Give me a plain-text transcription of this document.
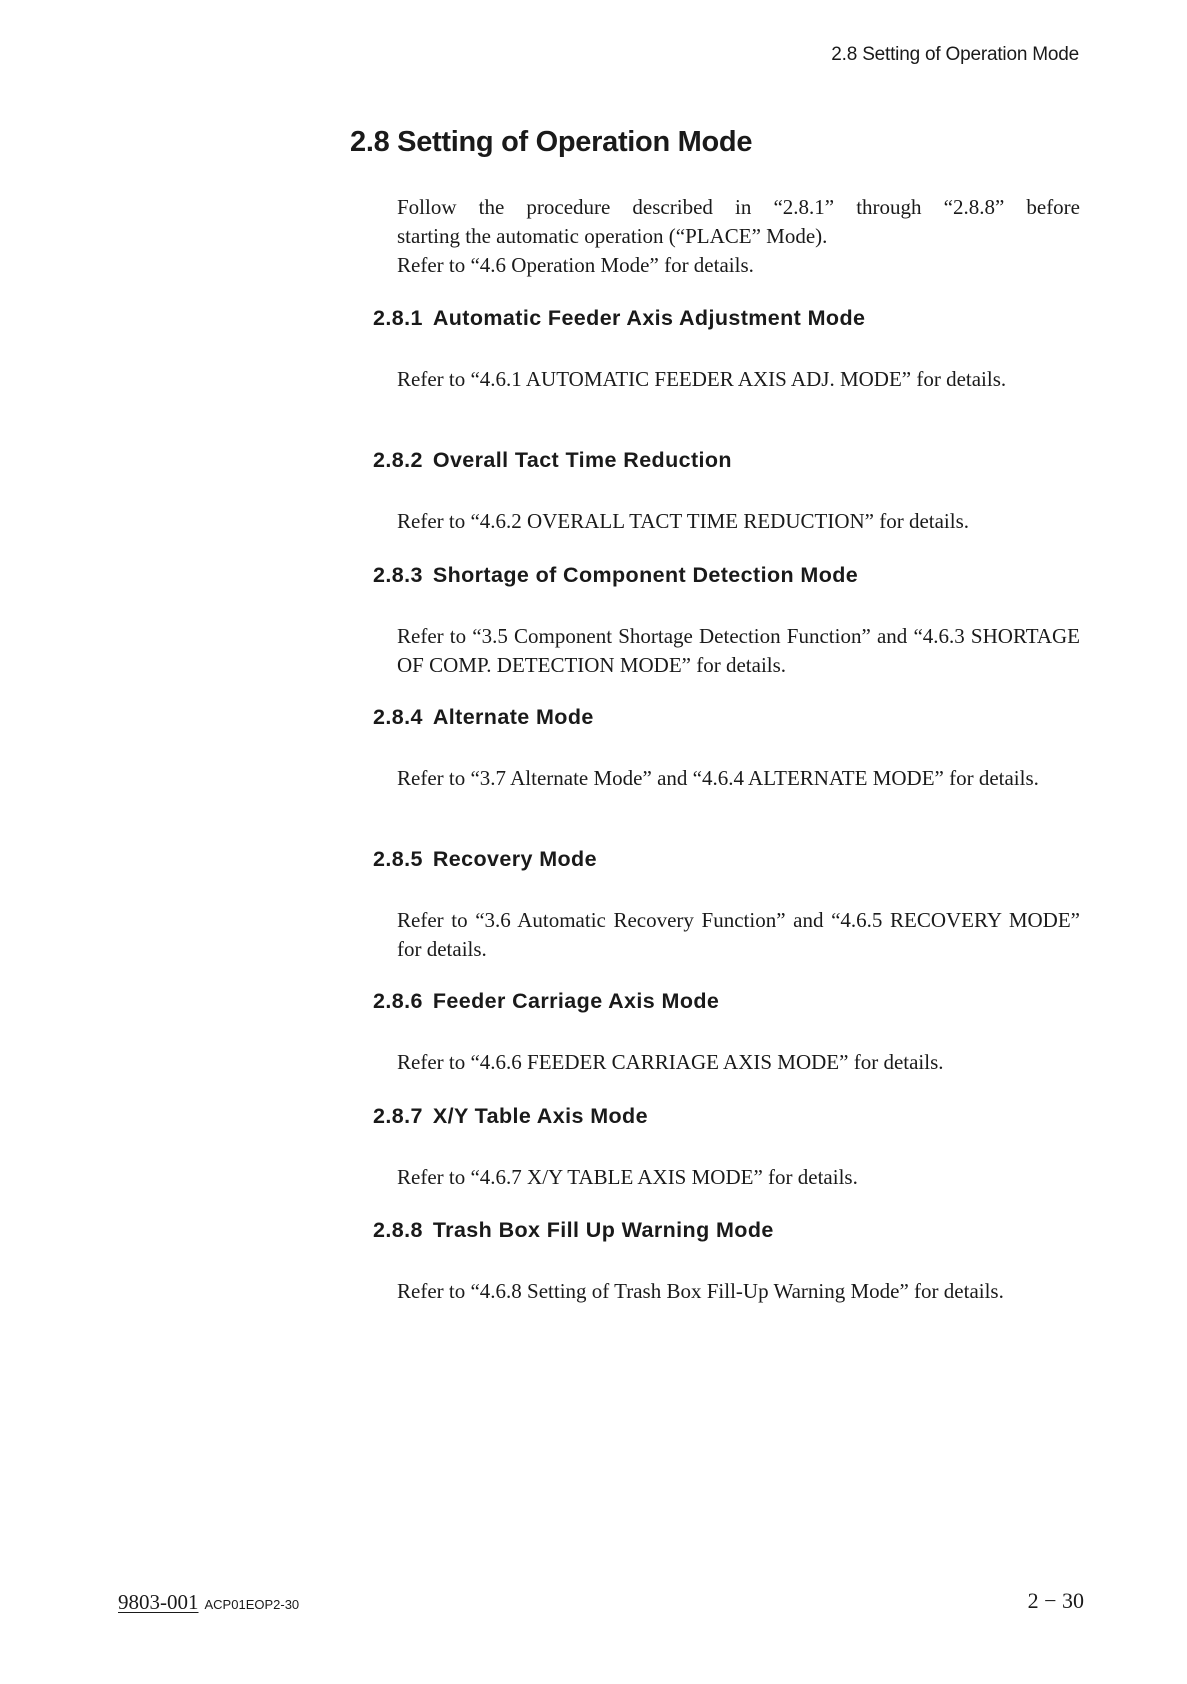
2.8 Setting of Operation Mode
2.8 Setting of Operation Mode

Follow the procedure described in “2.8.1” through “2.8.8” before

starting the automatic operation (“PLACE” Mode).

Refer to “4.6 Operation Mode” for details.

2.8.1 Automatic Feeder Axis Adjustment Mode

Refer to “4.6.1 AUTOMATIC FEEDER AXIS ADJ. MODE” for details.

2.8.2 Overall Tact Time Reduction

Refer to “4.6.2 OVERALL TACT TIME REDUCTION” for details.

2.8.3 Shortage of Component Detection Mode

Refer to “3.5 Component Shortage Detection Function” and “4.6.3 SHORTAGE OF COMP. DETECTION MODE” for details.

2.8.4 Alternate Mode

Refer to “3.7 Alternate Mode” and “4.6.4 ALTERNATE MODE” for details.

2.8.5 Recovery Mode

Refer to “3.6 Automatic Recovery Function” and “4.6.5 RECOVERY MODE” for details.

2.8.6 Feeder Carriage Axis Mode

Refer to “4.6.6 FEEDER CARRIAGE AXIS MODE” for details.

2.8.7 X/Y Table Axis Mode

Refer to “4.6.7 X/Y TABLE AXIS MODE” for details.

2.8.8 Trash Box Fill Up Warning Mode

Refer to “4.6.8 Setting of Trash Box Fill-Up Warning Mode” for details.

9803-001 ACP01EOP2-30	2 − 30
